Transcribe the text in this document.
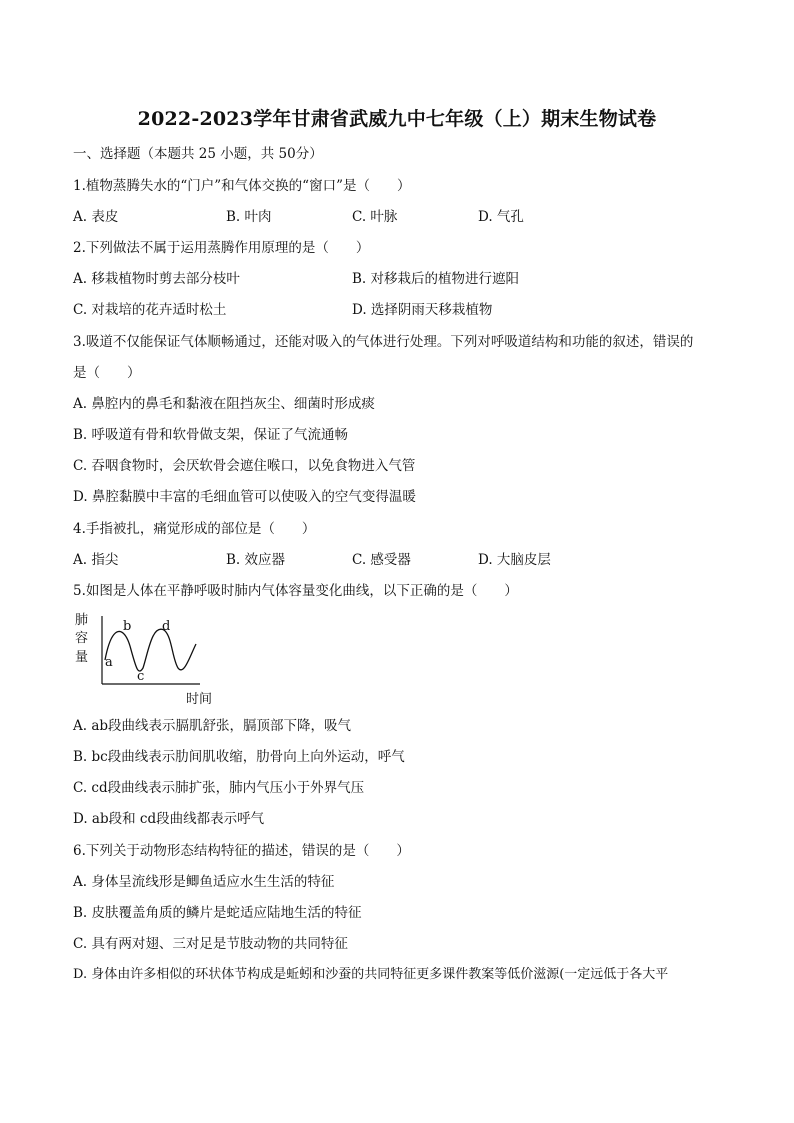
2022-2023学年甘肃省武威九中七年级（上）期末生物试卷
一、选择题（本题共 25 小题，共 50分）
1.植物蒸腾失水的“门户”和气体交换的“窗口”是（　　）
A. 表皮	B. 叶肉	C. 叶脉	D. 气孔
2.下列做法不属于运用蒸腾作用原理的是（　　）
A. 移栽植物时剪去部分枝叶	B. 对移栽后的植物进行遮阳
C. 对栽培的花卉适时松土	D. 选择阴雨天移栽植物
3.吸道不仅能保证气体顺畅通过，还能对吸入的气体进行处理。下列对呼吸道结构和功能的叙述，错误的
是（　　）
A. 鼻腔内的鼻毛和黏液在阻挡灰尘、细菌时形成痰
B. 呼吸道有骨和软骨做支架，保证了气流通畅
C. 吞咽食物时，会厌软骨会遮住喉口，以免食物进入气管
D. 鼻腔黏膜中丰富的毛细血管可以使吸入的空气变得温暖
4.手指被扎，痛觉形成的部位是（　　）
A. 指尖	B. 效应器	C. 感受器	D. 大脑皮层
5.如图是人体在平静呼吸时肺内气体容量变化曲线，以下正确的是（　　）
肺
容
量 a
b
c
d
时间
A. ab段曲线表示膈肌舒张，膈顶部下降，吸气
B. bc段曲线表示肋间肌收缩，肋骨向上向外运动，呼气
C. cd段曲线表示肺扩张，肺内气压小于外界气压
D. ab段和 cd段曲线都表示呼气
6.下列关于动物形态结构特征的描述，错误的是（　　）
A. 身体呈流线形是鲫鱼适应水生生活的特征
B. 皮肤覆盖角质的鳞片是蛇适应陆地生活的特征
C. 具有两对翅、三对足是节肢动物的共同特征
D. 身体由许多相似的环状体节构成是蚯蚓和沙蚕的共同特征更多课件教案等低价滋源(一定远低于各大平
